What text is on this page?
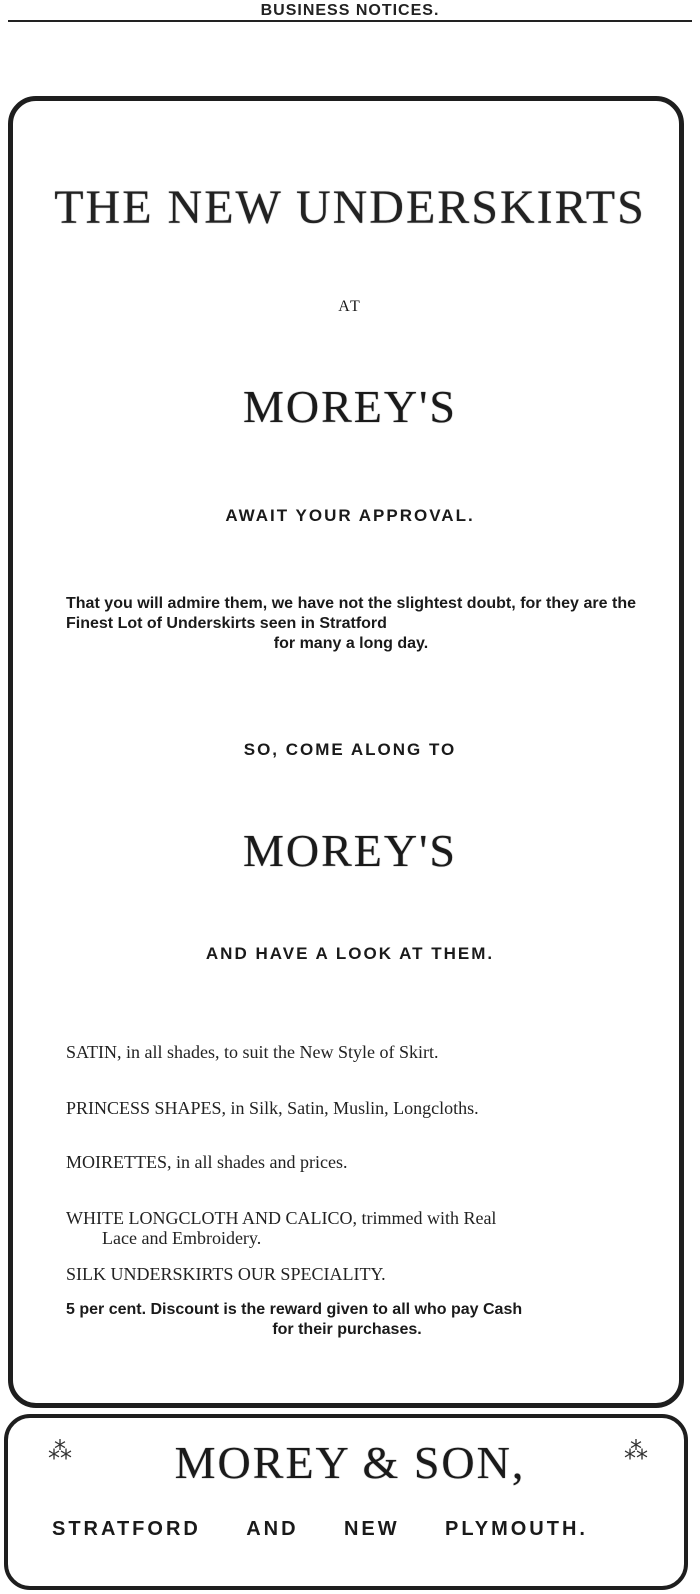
BUSINESS NOTICES.
THE NEW UNDERSKIRTS
AT
MOREY'S
AWAIT YOUR APPROVAL.
That you will admire them, we have not the slightest doubt, for they are the Finest Lot of Underskirts seen in Stratford
for many a long day.
SO, COME ALONG TO
MOREY'S
AND HAVE A LOOK AT THEM.
SATIN, in all shades, to suit the New Style of Skirt.
PRINCESS SHAPES, in Silk, Satin, Muslin, Longcloths.
MOIRETTES, in all shades and prices.
WHITE LONGCLOTH AND CALICO, trimmed with Real
Lace and Embroidery.
SILK UNDERSKIRTS OUR SPECIALITY.
5 per cent. Discount is the reward given to all who pay Cash
for their purchases.
⁂	MOREY & SON,	⁂
STRATFORD AND NEW PLYMOUTH.
